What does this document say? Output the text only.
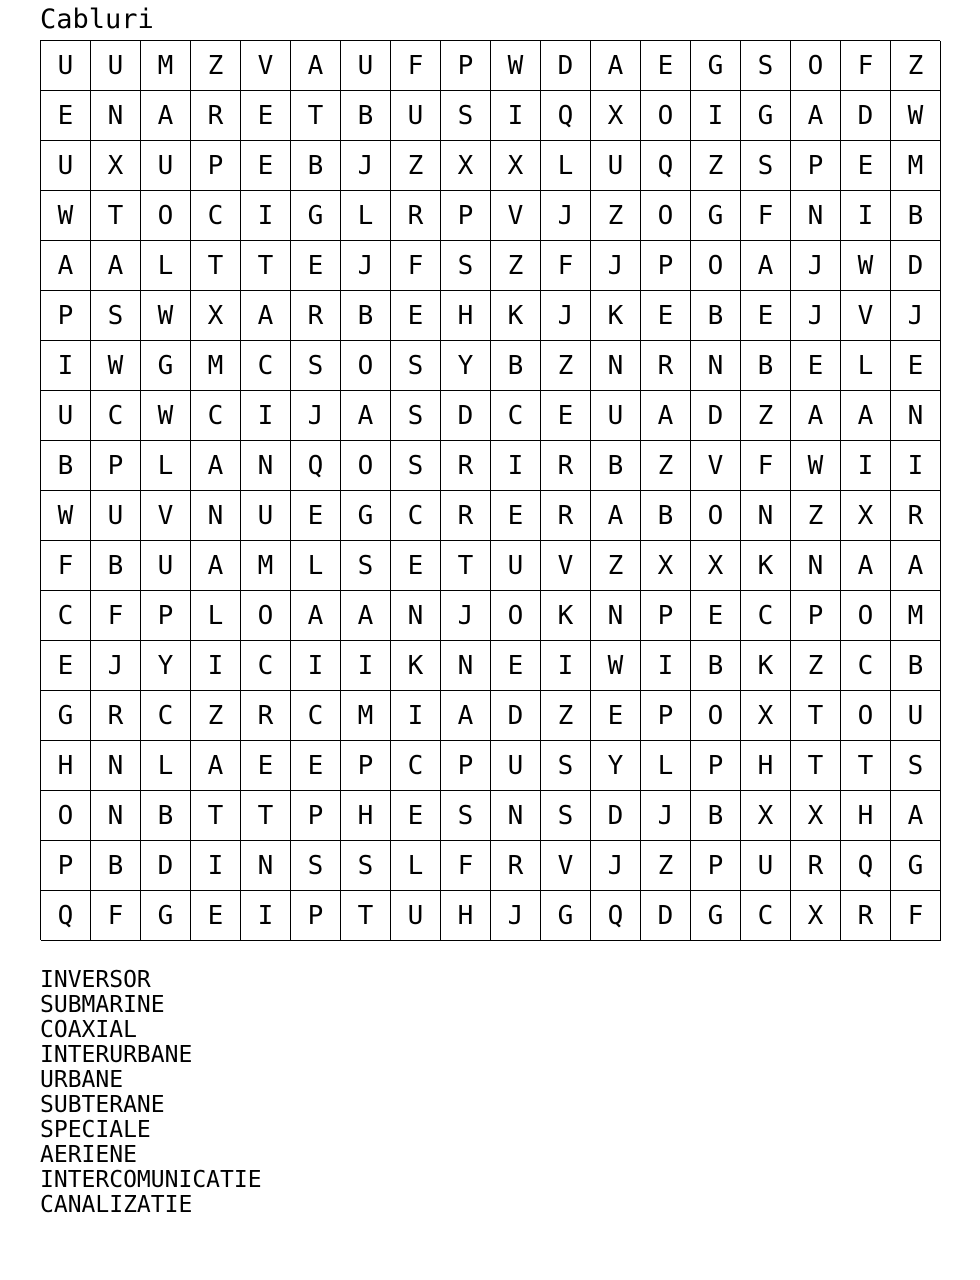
Cabluri
U	U	M	Z	V	A	U	F	P	W	D	A	E	G	S	O	F	Z
E	N	A	R	E	T	B	U	S	I	Q	X	O	I	G	A	D	W
U	X	U	P	E	B	J	Z	X	X	L	U	Q	Z	S	P	E	M
W	T	O	C	I	G	L	R	P	V	J	Z	O	G	F	N	I	B
A	A	L	T	T	E	J	F	S	Z	F	J	P	O	A	J	W	D
P	S	W	X	A	R	B	E	H	K	J	K	E	B	E	J	V	J
I	W	G	M	C	S	O	S	Y	B	Z	N	R	N	B	E	L	E
U	C	W	C	I	J	A	S	D	C	E	U	A	D	Z	A	A	N
B	P	L	A	N	Q	O	S	R	I	R	B	Z	V	F	W	I	I
W	U	V	N	U	E	G	C	R	E	R	A	B	O	N	Z	X	R
F	B	U	A	M	L	S	E	T	U	V	Z	X	X	K	N	A	A
C	F	P	L	O	A	A	N	J	O	K	N	P	E	C	P	O	M
E	J	Y	I	C	I	I	K	N	E	I	W	I	B	K	Z	C	B
G	R	C	Z	R	C	M	I	A	D	Z	E	P	O	X	T	O	U
H	N	L	A	E	E	P	C	P	U	S	Y	L	P	H	T	T	S
O	N	B	T	T	P	H	E	S	N	S	D	J	B	X	X	H	A
P	B	D	I	N	S	S	L	F	R	V	J	Z	P	U	R	Q	G
Q	F	G	E	I	P	T	U	H	J	G	Q	D	G	C	X	R	F
INVERSOR
SUBMARINE
COAXIAL
INTERURBANE
URBANE
SUBTERANE
SPECIALE
AERIENE
INTERCOMUNICATIE
CANALIZATIE
